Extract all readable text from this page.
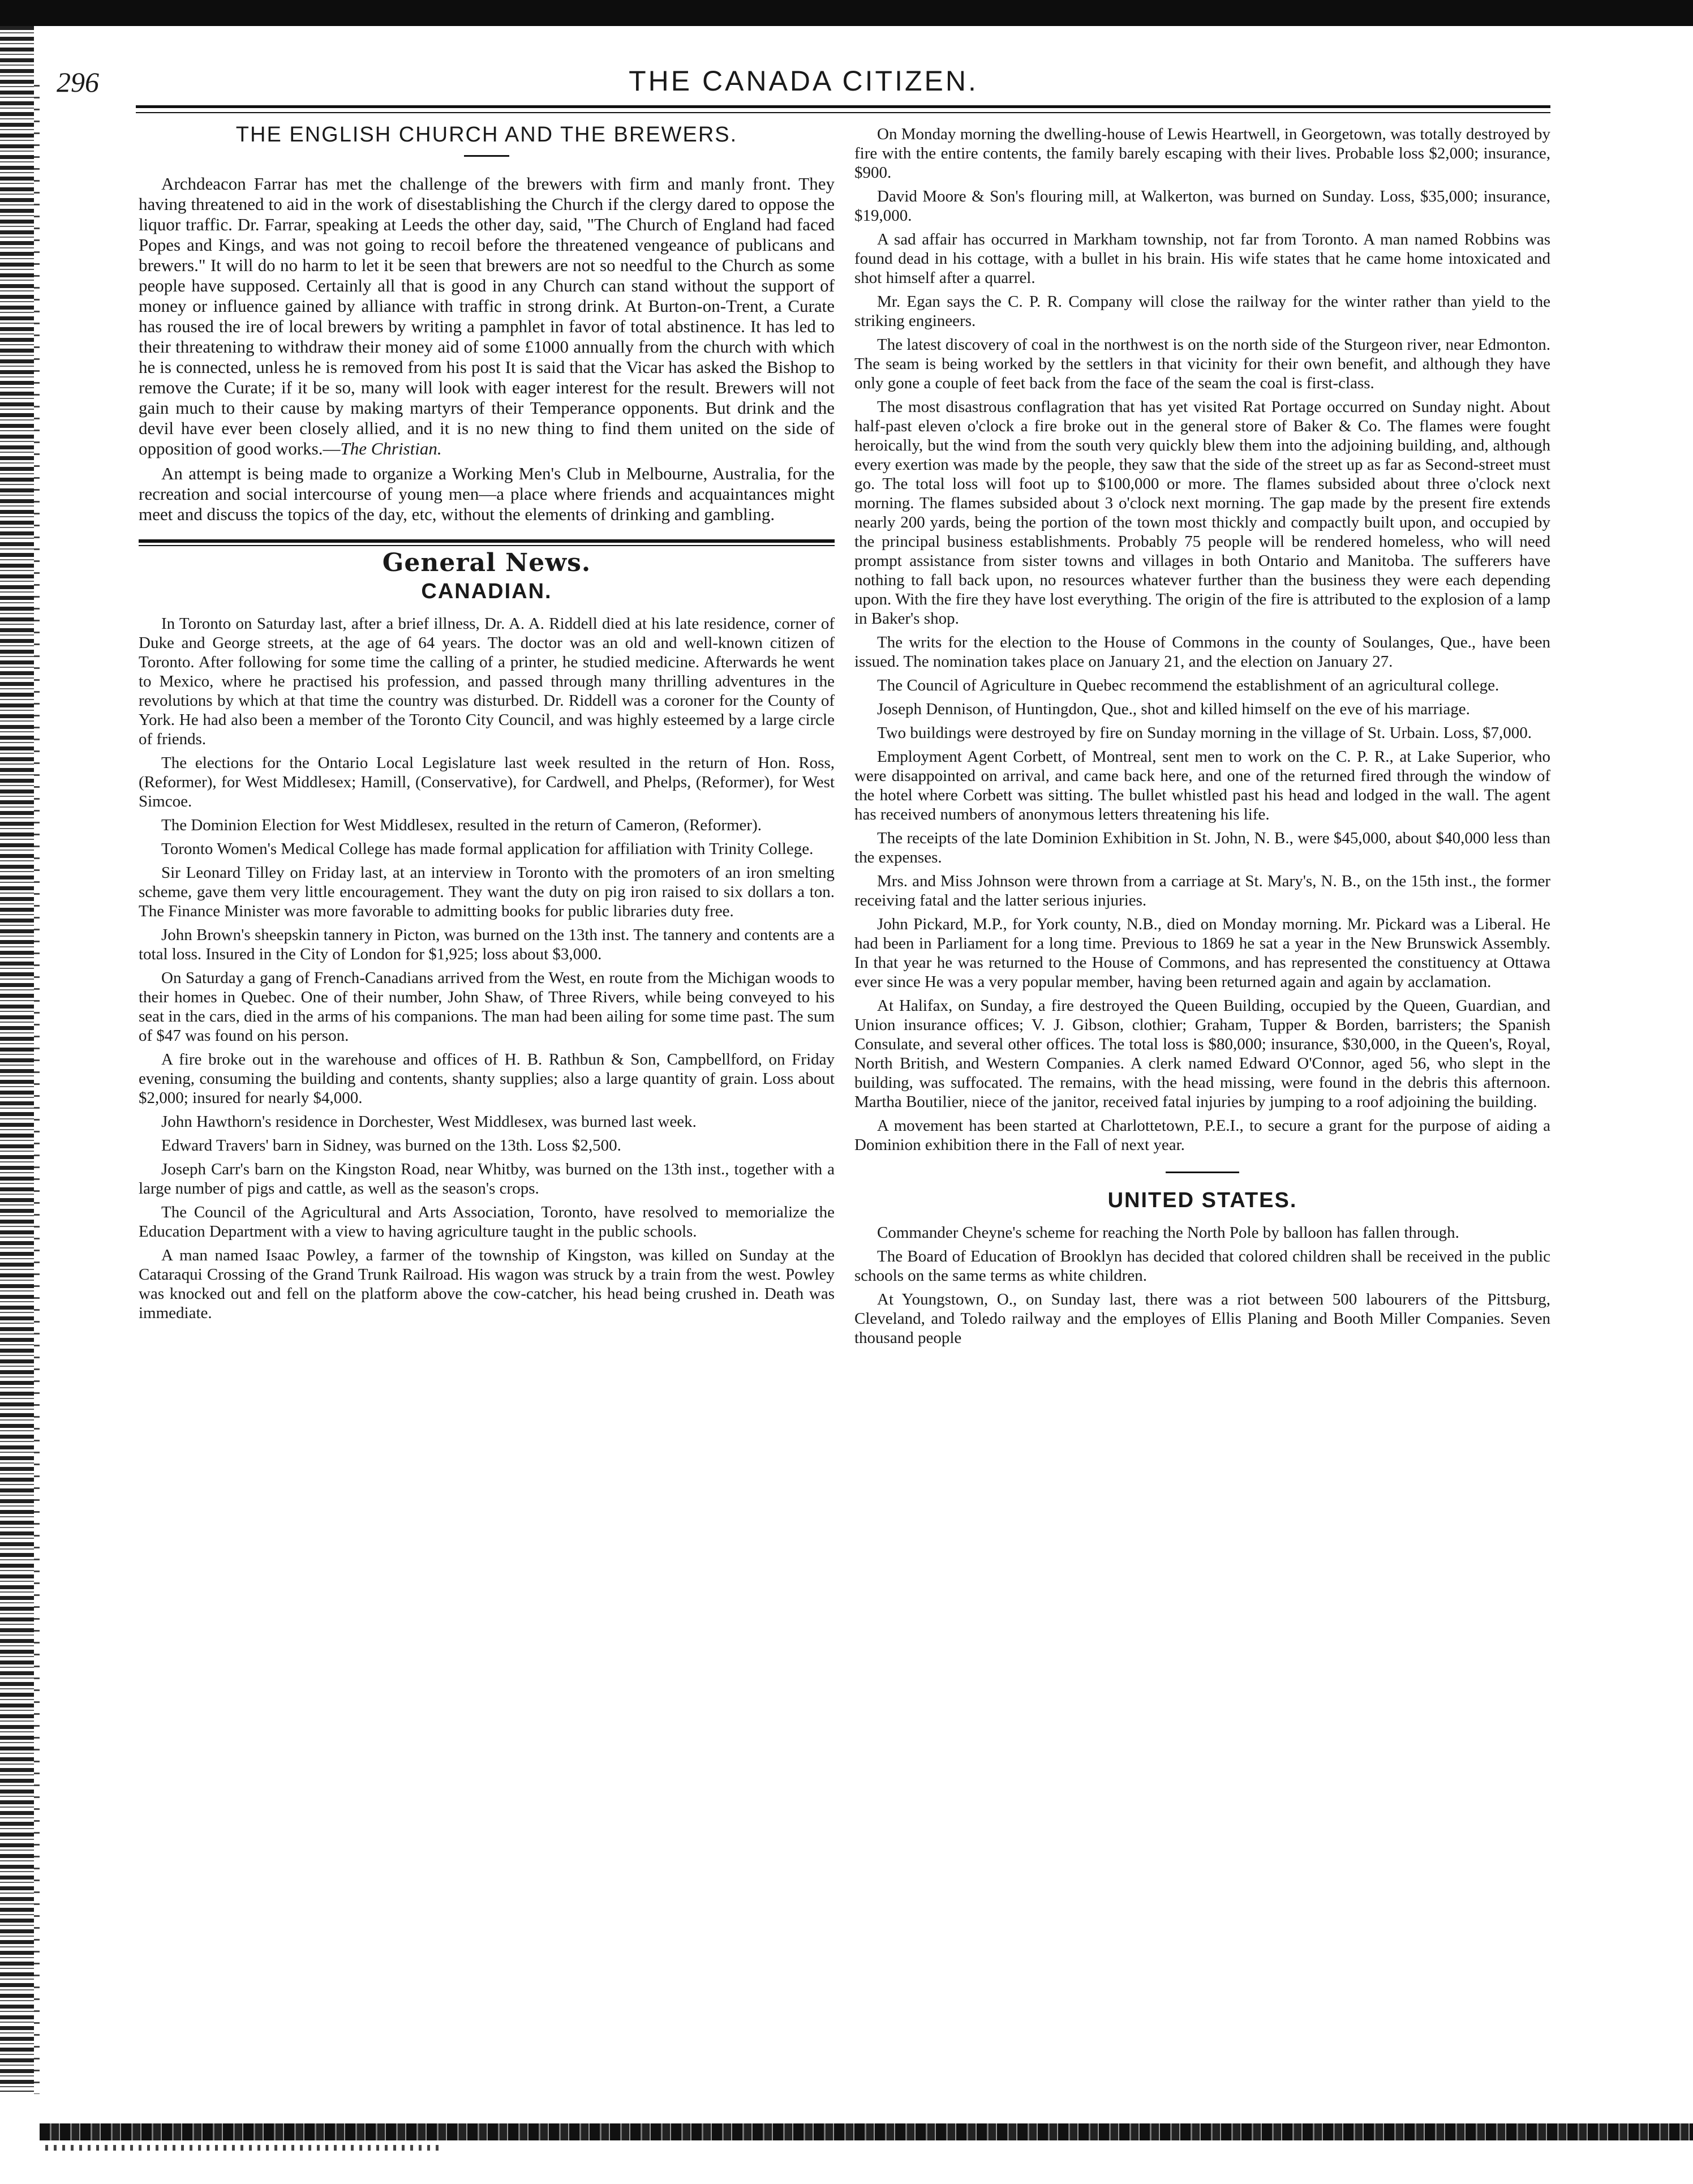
296	THE CANADA CITIZEN.
THE ENGLISH CHURCH AND THE BREWERS.

Archdeacon Farrar has met the challenge of the brewers with firm and manly front. They having threatened to aid in the work of disestablishing the Church if the clergy dared to oppose the liquor traffic. Dr. Farrar, speaking at Leeds the other day, said, "The Church of England had faced Popes and Kings, and was not going to recoil before the threatened vengeance of publicans and brewers." It will do no harm to let it be seen that brewers are not so needful to the Church as some people have supposed. Certainly all that is good in any Church can stand without the support of money or influence gained by alliance with traffic in strong drink. At Burton-on-Trent, a Curate has roused the ire of local brewers by writing a pamphlet in favor of total abstinence. It has led to their threatening to withdraw their money aid of some £1000 annually from the church with which he is connected, unless he is removed from his post It is said that the Vicar has asked the Bishop to remove the Curate; if it be so, many will look with eager interest for the result. Brewers will not gain much to their cause by making martyrs of their Temperance opponents. But drink and the devil have ever been closely allied, and it is no new thing to find them united on the side of opposition of good works.—The Christian.

An attempt is being made to organize a Working Men's Club in Melbourne, Australia, for the recreation and social intercourse of young men—a place where friends and acquaintances might meet and discuss the topics of the day, etc, without the elements of drinking and gambling.

General News.
CANADIAN.

In Toronto on Saturday last, after a brief illness, Dr. A. A. Riddell died at his late residence, corner of Duke and George streets, at the age of 64 years. The doctor was an old and well-known citizen of Toronto. After following for some time the calling of a printer, he studied medicine. Afterwards he went to Mexico, where he practised his profession, and passed through many thrilling adventures in the revolutions by which at that time the country was disturbed. Dr. Riddell was a coroner for the County of York. He had also been a member of the Toronto City Council, and was highly esteemed by a large circle of friends.

The elections for the Ontario Local Legislature last week resulted in the return of Hon. Ross, (Reformer), for West Middlesex; Hamill, (Conservative), for Cardwell, and Phelps, (Reformer), for West Simcoe.

The Dominion Election for West Middlesex, resulted in the return of Cameron, (Reformer).

Toronto Women's Medical College has made formal application for affiliation with Trinity College.

Sir Leonard Tilley on Friday last, at an interview in Toronto with the promoters of an iron smelting scheme, gave them very little encouragement. They want the duty on pig iron raised to six dollars a ton. The Finance Minister was more favorable to admitting books for public libraries duty free.

John Brown's sheepskin tannery in Picton, was burned on the 13th inst. The tannery and contents are a total loss. Insured in the City of London for $1,925; loss about $3,000.

On Saturday a gang of French-Canadians arrived from the West, en route from the Michigan woods to their homes in Quebec. One of their number, John Shaw, of Three Rivers, while being conveyed to his seat in the cars, died in the arms of his companions. The man had been ailing for some time past. The sum of $47 was found on his person.

A fire broke out in the warehouse and offices of H. B. Rathbun & Son, Campbellford, on Friday evening, consuming the building and contents, shanty supplies; also a large quantity of grain. Loss about $2,000; insured for nearly $4,000.

John Hawthorn's residence in Dorchester, West Middlesex, was burned last week.

Edward Travers' barn in Sidney, was burned on the 13th. Loss $2,500.

Joseph Carr's barn on the Kingston Road, near Whitby, was burned on the 13th inst., together with a large number of pigs and cattle, as well as the season's crops.

The Council of the Agricultural and Arts Association, Toronto, have resolved to memorialize the Education Department with a view to having agriculture taught in the public schools.

A man named Isaac Powley, a farmer of the township of Kingston, was killed on Sunday at the Cataraqui Crossing of the Grand Trunk Railroad. His wagon was struck by a train from the west. Powley was knocked out and fell on the platform above the cow-catcher, his head being crushed in. Death was immediate.

On Monday morning the dwelling-house of Lewis Heartwell, in Georgetown, was totally destroyed by fire with the entire contents, the family barely escaping with their lives. Probable loss $2,000; insurance, $900.

David Moore & Son's flouring mill, at Walkerton, was burned on Sunday. Loss, $35,000; insurance, $19,000.

A sad affair has occurred in Markham township, not far from Toronto. A man named Robbins was found dead in his cottage, with a bullet in his brain. His wife states that he came home intoxicated and shot himself after a quarrel.

Mr. Egan says the C. P. R. Company will close the railway for the winter rather than yield to the striking engineers.

The latest discovery of coal in the northwest is on the north side of the Sturgeon river, near Edmonton. The seam is being worked by the settlers in that vicinity for their own benefit, and although they have only gone a couple of feet back from the face of the seam the coal is first-class.

The most disastrous conflagration that has yet visited Rat Portage occurred on Sunday night. About half-past eleven o'clock a fire broke out in the general store of Baker & Co. The flames were fought heroically, but the wind from the south very quickly blew them into the adjoining building, and, although every exertion was made by the people, they saw that the side of the street up as far as Second-street must go. The total loss will foot up to $100,000 or more. The flames subsided about three o'clock next morning. The flames subsided about 3 o'clock next morning. The gap made by the present fire extends nearly 200 yards, being the portion of the town most thickly and compactly built upon, and occupied by the principal business establishments. Probably 75 people will be rendered homeless, who will need prompt assistance from sister towns and villages in both Ontario and Manitoba. The sufferers have nothing to fall back upon, no resources whatever further than the business they were each depending upon. With the fire they have lost everything. The origin of the fire is attributed to the explosion of a lamp in Baker's shop.

The writs for the election to the House of Commons in the county of Soulanges, Que., have been issued. The nomination takes place on January 21, and the election on January 27.

The Council of Agriculture in Quebec recommend the establishment of an agricultural college.

Joseph Dennison, of Huntingdon, Que., shot and killed himself on the eve of his marriage.

Two buildings were destroyed by fire on Sunday morning in the village of St. Urbain. Loss, $7,000.

Employment Agent Corbett, of Montreal, sent men to work on the C. P. R., at Lake Superior, who were disappointed on arrival, and came back here, and one of the returned fired through the window of the hotel where Corbett was sitting. The bullet whistled past his head and lodged in the wall. The agent has received numbers of anonymous letters threatening his life.

The receipts of the late Dominion Exhibition in St. John, N. B., were $45,000, about $40,000 less than the expenses.

Mrs. and Miss Johnson were thrown from a carriage at St. Mary's, N. B., on the 15th inst., the former receiving fatal and the latter serious injuries.

John Pickard, M.P., for York county, N.B., died on Monday morning. Mr. Pickard was a Liberal. He had been in Parliament for a long time. Previous to 1869 he sat a year in the New Brunswick Assembly. In that year he was returned to the House of Commons, and has represented the constituency at Ottawa ever since He was a very popular member, having been returned again and again by acclamation.

At Halifax, on Sunday, a fire destroyed the Queen Building, occupied by the Queen, Guardian, and Union insurance offices; V. J. Gibson, clothier; Graham, Tupper & Borden, barristers; the Spanish Consulate, and several other offices. The total loss is $80,000; insurance, $30,000, in the Queen's, Royal, North British, and Western Companies. A clerk named Edward O'Connor, aged 56, who slept in the building, was suffocated. The remains, with the head missing, were found in the debris this afternoon. Martha Boutilier, niece of the janitor, received fatal injuries by jumping to a roof adjoining the building.

A movement has been started at Charlottetown, P.E.I., to secure a grant for the purpose of aiding a Dominion exhibition there in the Fall of next year.

UNITED STATES.

Commander Cheyne's scheme for reaching the North Pole by balloon has fallen through.

The Board of Education of Brooklyn has decided that colored children shall be received in the public schools on the same terms as white children.

At Youngstown, O., on Sunday last, there was a riot between 500 labourers of the Pittsburg, Cleveland, and Toledo railway and the employes of Ellis Planing and Booth Miller Companies. Seven thousand people
